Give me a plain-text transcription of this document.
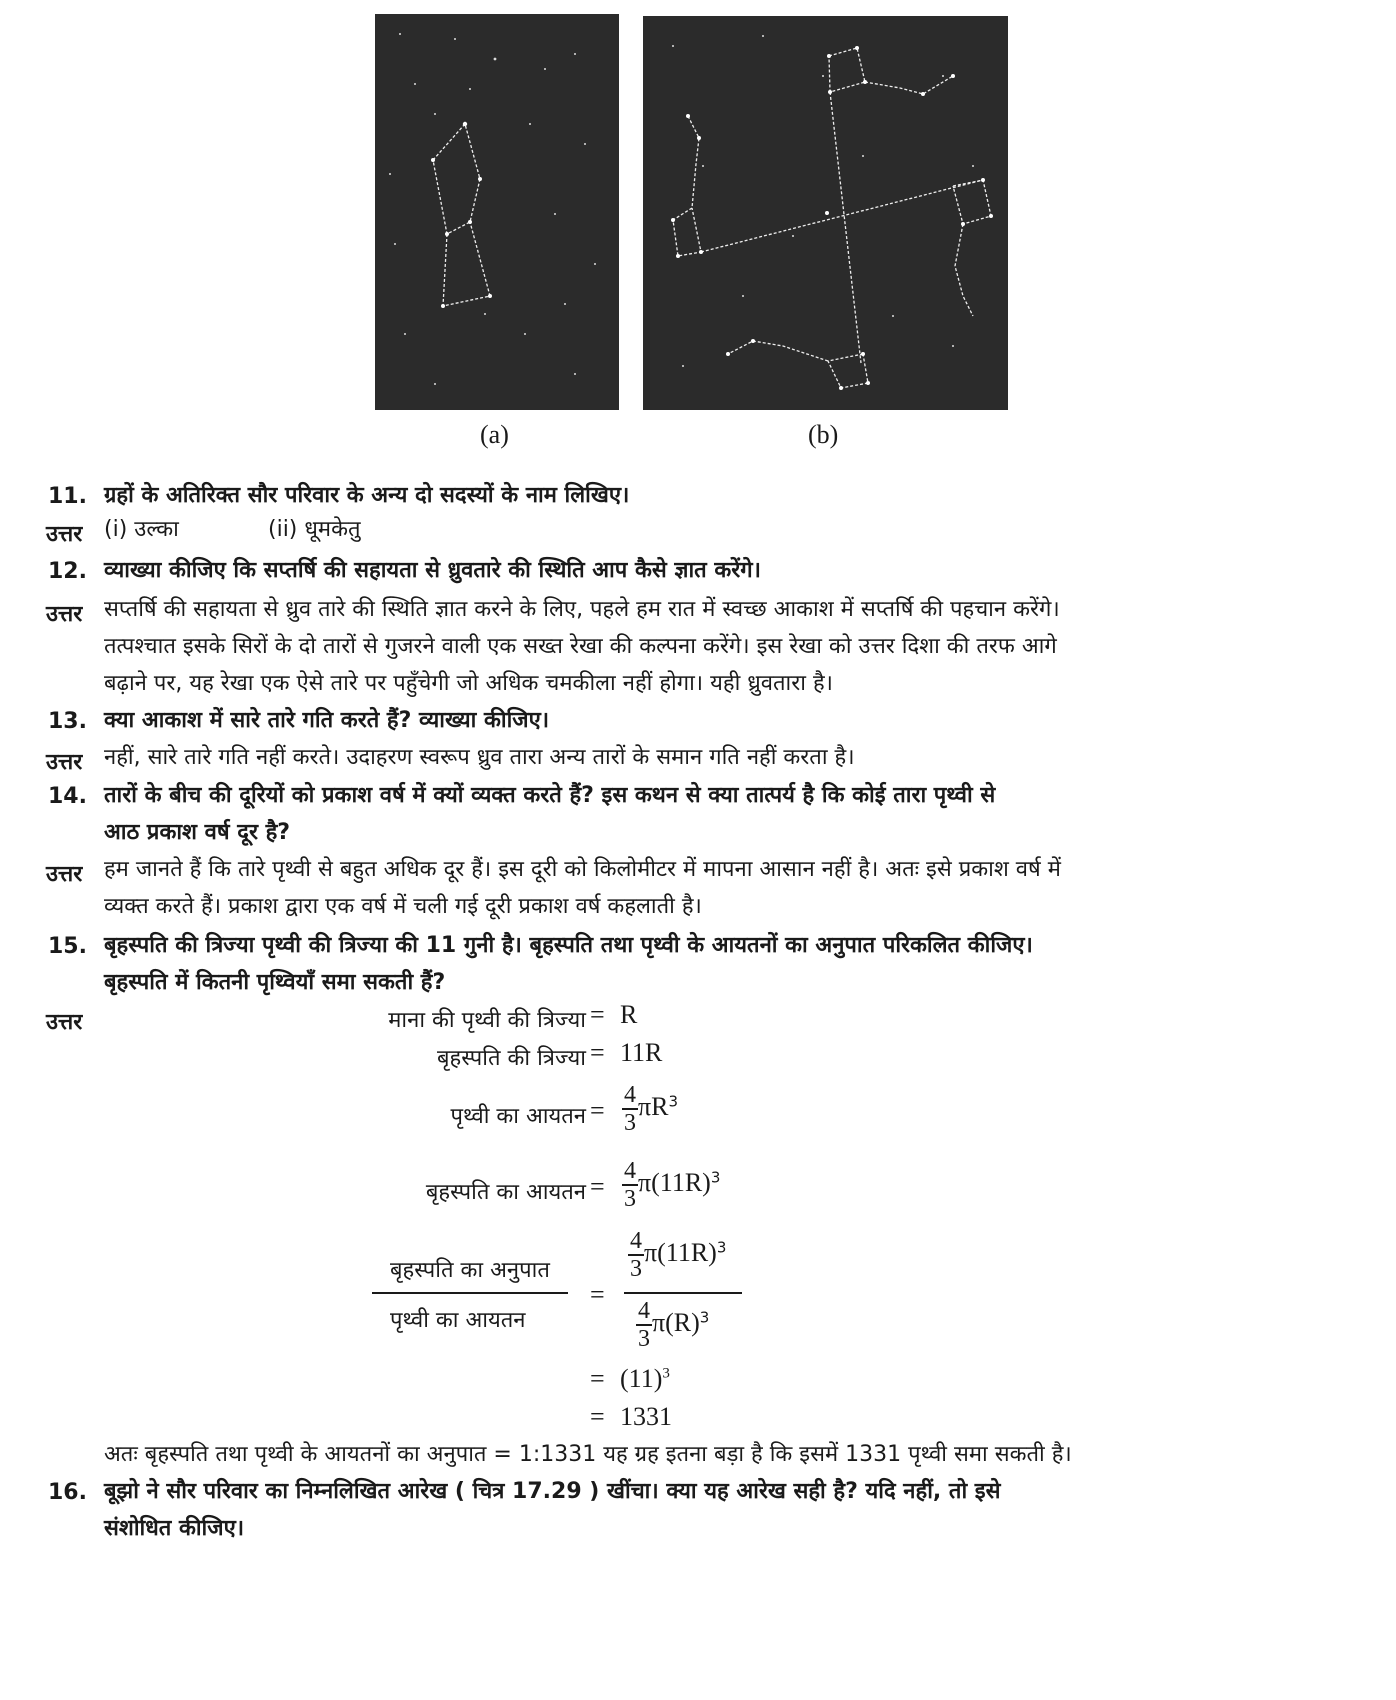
(a)	(b)
11. ग्रहों के अतिरिक्त सौर परिवार के अन्य दो सदस्यों के नाम लिखिए।
उत्तर (i) उल्का	(ii) धूमकेतु
12. व्याख्या कीजिए कि सप्तर्षि की सहायता से ध्रुवतारे की स्थिति आप कैसे ज्ञात करेंगे।
उत्तर सप्तर्षि की सहायता से ध्रुव तारे की स्थिति ज्ञात करने के लिए, पहले हम रात में स्वच्छ आकाश में सप्तर्षि की पहचान करेंगे।
तत्पश्चात इसके सिरों के दो तारों से गुजरने वाली एक सख्त रेखा की कल्पना करेंगे। इस रेखा को उत्तर दिशा की तरफ आगे
बढ़ाने पर, यह रेखा एक ऐसे तारे पर पहुँचेगी जो अधिक चमकीला नहीं होगा। यही ध्रुवतारा है।
13. क्या आकाश में सारे तारे गति करते हैं? व्याख्या कीजिए।
उत्तर नहीं, सारे तारे गति नहीं करते। उदाहरण स्वरूप ध्रुव तारा अन्य तारों के समान गति नहीं करता है।
14. तारों के बीच की दूरियों को प्रकाश वर्ष में क्यों व्यक्त करते हैं? इस कथन से क्या तात्पर्य है कि कोई तारा पृथ्वी से
आठ प्रकाश वर्ष दूर है?
उत्तर हम जानते हैं कि तारे पृथ्वी से बहुत अधिक दूर हैं। इस दूरी को किलोमीटर में मापना आसान नहीं है। अतः इसे प्रकाश वर्ष में
व्यक्त करते हैं। प्रकाश द्वारा एक वर्ष में चली गई दूरी प्रकाश वर्ष कहलाती है।
15. बृहस्पति की त्रिज्या पृथ्वी की त्रिज्या की 11 गुनी है। बृहस्पति तथा पृथ्वी के आयतनों का अनुपात परिकलित कीजिए।
बृहस्पति में कितनी पृथ्वियाँ समा सकती हैं?
उत्तर	माना की पृथ्वी की त्रिज्या = R
बृहस्पति की त्रिज्या = 11R
पृथ्वी का आयतन = $\frac{4}{3} \pi R^3$
बृहस्पति का आयतन = $\frac{4}{3} \pi(11R)^3$
बृहस्पति का अनुपात
पृथ्वी का आयतन
=
$\frac{4}{3} \pi(11R)^3$
$\frac{4}{3} \pi(R)^3$
= $(11)^3$
= 1331
अतः बृहस्पति तथा पृथ्वी के आयतनों का अनुपात = 1:1331 यह ग्रह इतना बड़ा है कि इसमें 1331 पृथ्वी समा सकती है।
16. बूझो ने सौर परिवार का निम्नलिखित आरेख ( चित्र 17.29 ) खींचा। क्या यह आरेख सही है? यदि नहीं, तो इसे
संशोधित कीजिए।
